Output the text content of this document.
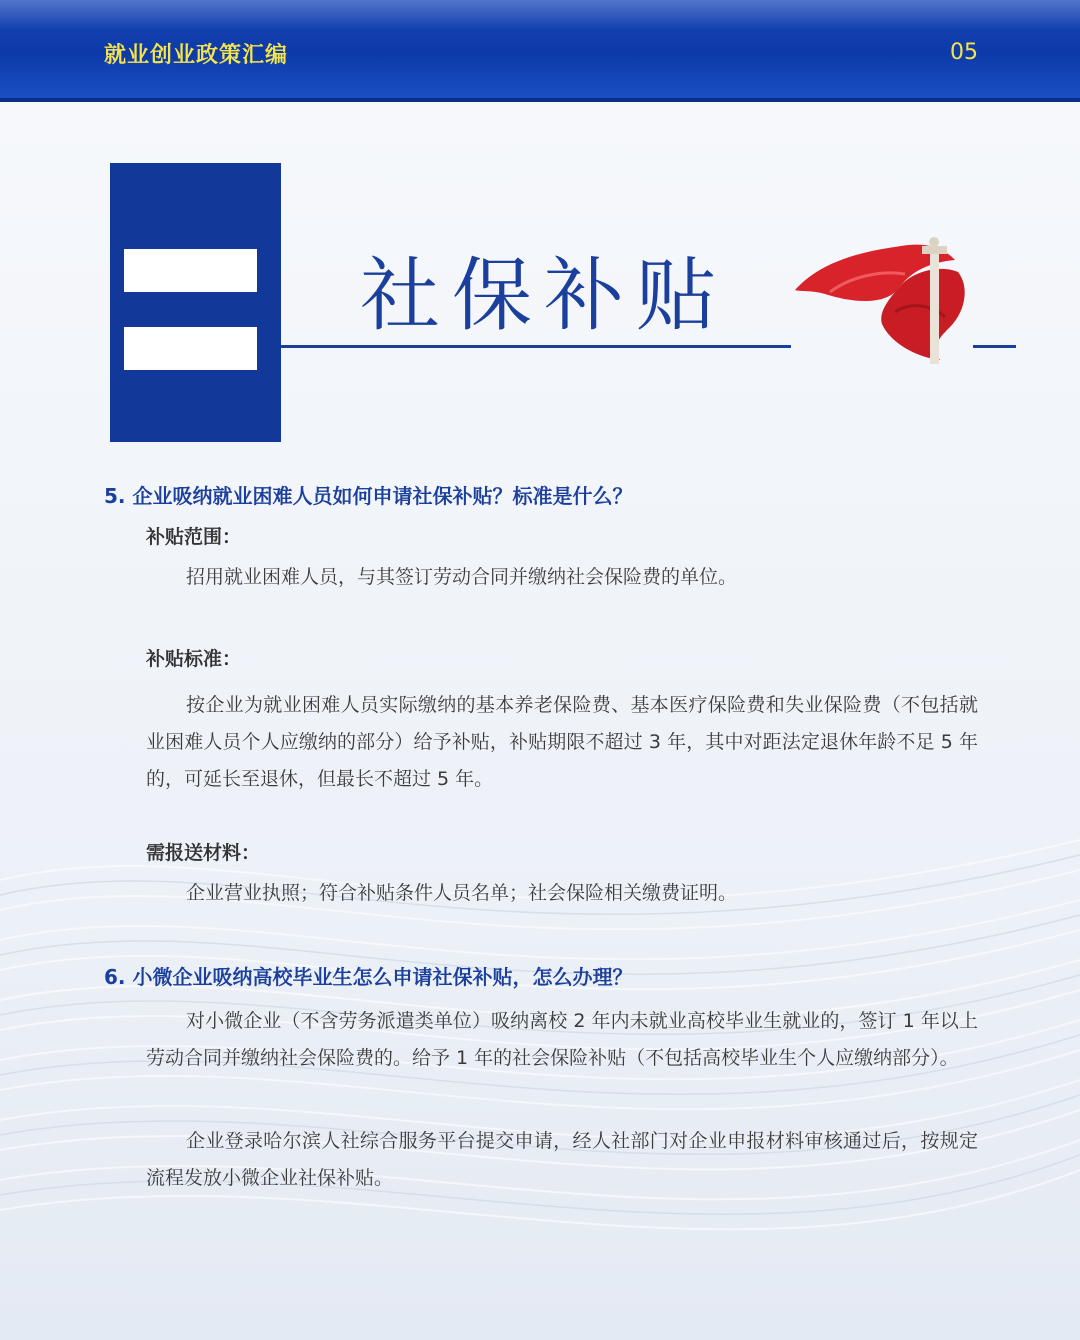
就业创业政策汇编	05
社保补贴
5. 企业吸纳就业困难人员如何申请社保补贴？标准是什么？
补贴范围：
招用就业困难人员，与其签订劳动合同并缴纳社会保险费的单位。
补贴标准：
按企业为就业困难人员实际缴纳的基本养老保险费、基本医疗保险费和失业保险费（不包括就业困难人员个人应缴纳的部分）给予补贴，补贴期限不超过 3 年，其中对距法定退休年龄不足 5 年的，可延长至退休，但最长不超过 5 年。
需报送材料：
企业营业执照；符合补贴条件人员名单；社会保险相关缴费证明。
6. 小微企业吸纳高校毕业生怎么申请社保补贴，怎么办理？
对小微企业（不含劳务派遣类单位）吸纳离校 2 年内未就业高校毕业生就业的，签订 1 年以上劳动合同并缴纳社会保险费的。给予 1 年的社会保险补贴（不包括高校毕业生个人应缴纳部分）。
企业登录哈尔滨人社综合服务平台提交申请，经人社部门对企业申报材料审核通过后，按规定流程发放小微企业社保补贴。
